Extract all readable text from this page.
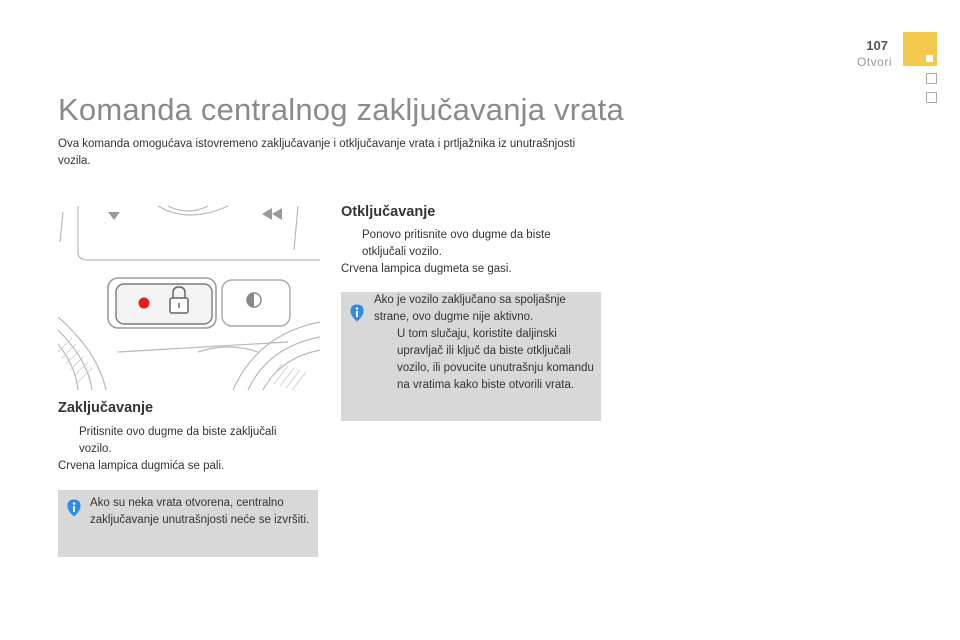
107
Otvori
Komanda centralnog zaključavanja vrata
Ova komanda omogućava istovremeno zaključavanje i otključavanje vrata i prtljažnika iz unutrašnjosti vozila.
Zaključavanje
Pritisnite ovo dugme da biste zaključali vozilo.
Crvena lampica dugmića se pali.
Ako su neka vrata otvorena, centralno zaključavanje unutrašnjosti neće se izvršiti.
Otključavanje
Ponovo pritisnite ovo dugme da biste otključali vozilo.
Crvena lampica dugmeta se gasi.
Ako je vozilo zaključano sa spoljašnje strane, ovo dugme nije aktivno.
U tom slučaju, koristite daljinski upravljač ili ključ da biste otključali vozilo, ili povucite unutrašnju komandu na vratima kako biste otvorili vrata.
